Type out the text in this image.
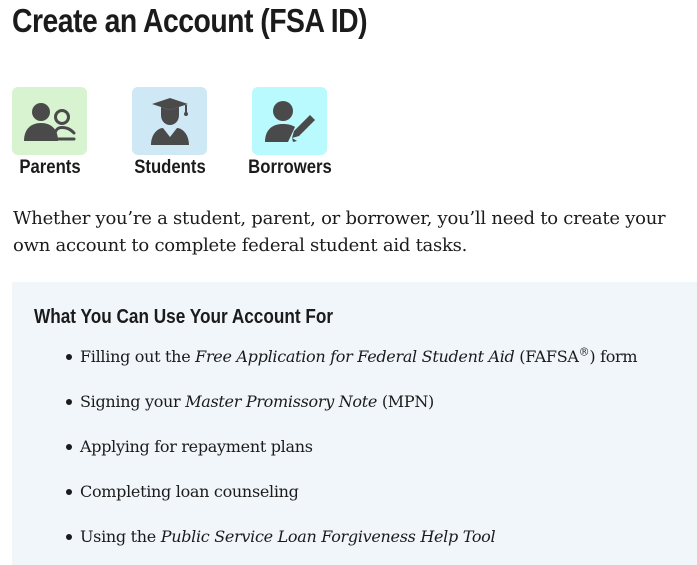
Create an Account (FSA ID)
Parents	Students Borrowers

Whether you’re a student, parent, or borrower, you’ll need to create your own account to complete federal student aid tasks.

What You Can Use Your Account For
Filling out the Free Application for Federal Student Aid (FAFSA®) form
Signing your Master Promissory Note (MPN)
Applying for repayment plans
Completing loan counseling
Using the Public Service Loan Forgiveness Help Tool
